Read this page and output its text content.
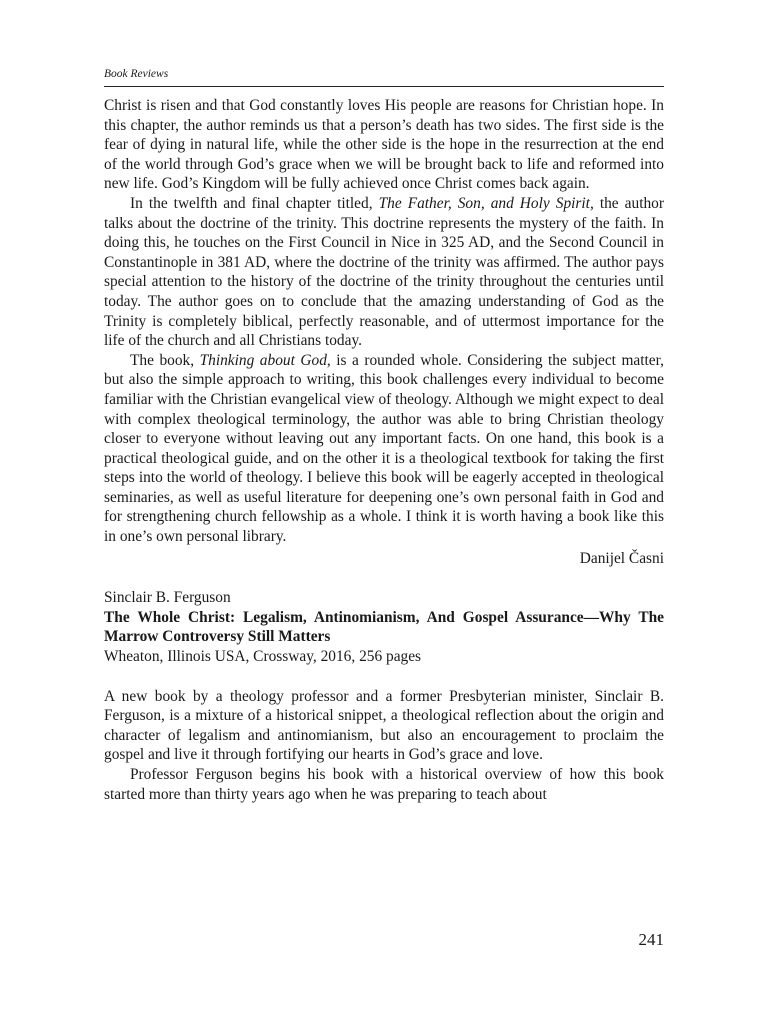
Book Reviews

Christ is risen and that God constantly loves His people are reasons for Christian hope. In this chapter, the author reminds us that a person’s death has two sides. The first side is the fear of dying in natural life, while the other side is the hope in the resurrection at the end of the world through God’s grace when we will be brought back to life and reformed into new life. God’s Kingdom will be fully achieved once Christ comes back again.

In the twelfth and final chapter titled, The Father, Son, and Holy Spirit, the author talks about the doctrine of the trinity. This doctrine represents the mystery of the faith. In doing this, he touches on the First Council in Nice in 325 AD, and the Second Council in Constantinople in 381 AD, where the doctrine of the trinity was affirmed. The author pays special attention to the history of the doctrine of the trinity throughout the centuries until today. The author goes on to conclude that the amazing understanding of God as the Trinity is completely biblical, perfectly reasonable, and of uttermost importance for the life of the church and all Christians today.

The book, Thinking about God, is a rounded whole. Considering the subject matter, but also the simple approach to writing, this book challenges every individual to become familiar with the Christian evangelical view of theology. Although we might expect to deal with complex theological terminology, the author was able to bring Christian theology closer to everyone without leaving out any important facts. On one hand, this book is a practical theological guide, and on the other it is a theological textbook for taking the first steps into the world of theology. I believe this book will be eagerly accepted in theological seminaries, as well as useful literature for deepening one’s own personal faith in God and for strengthening church fellowship as a whole. I think it is worth having a book like this in one’s own personal library.

Danijel Časni

Sinclair B. Ferguson

The Whole Christ: Legalism, Antinomianism, And Gospel Assurance—Why The Marrow Controversy Still Matters

Wheaton, Illinois USA, Crossway, 2016, 256 pages

A new book by a theology professor and a former Presbyterian minister, Sinclair B. Ferguson, is a mixture of a historical snippet, a theological reflection about the origin and character of legalism and antinomianism, but also an encouragement to proclaim the gospel and live it through fortifying our hearts in God’s grace and love.

Professor Ferguson begins his book with a historical overview of how this book started more than thirty years ago when he was preparing to teach about

241
